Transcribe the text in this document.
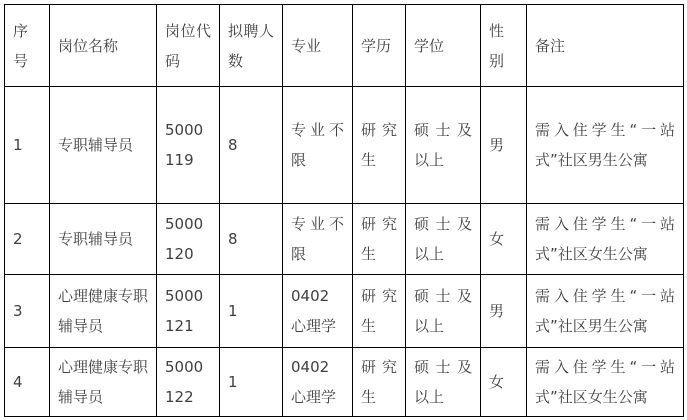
序号	岗位名称	岗位代码	拟聘人数	专业	学历	学位	性别	备注
1	专职辅导员	5000119	8	专业不限	研究生	硕士及以上	男	需入住学生“一站式”社区男生公寓
2	专职辅导员	5000120	8	专业不限	研究生	硕士及以上	女	需入住学生“一站式”社区女生公寓
3	心理健康专职辅导员	5000121	1	0402心理学	研究生	硕士及以上	男	需入住学生“一站式”社区男生公寓
4	心理健康专职辅导员	5000122	1	0402心理学	研究生	硕士及以上	女	需入住学生“一站式”社区女生公寓
